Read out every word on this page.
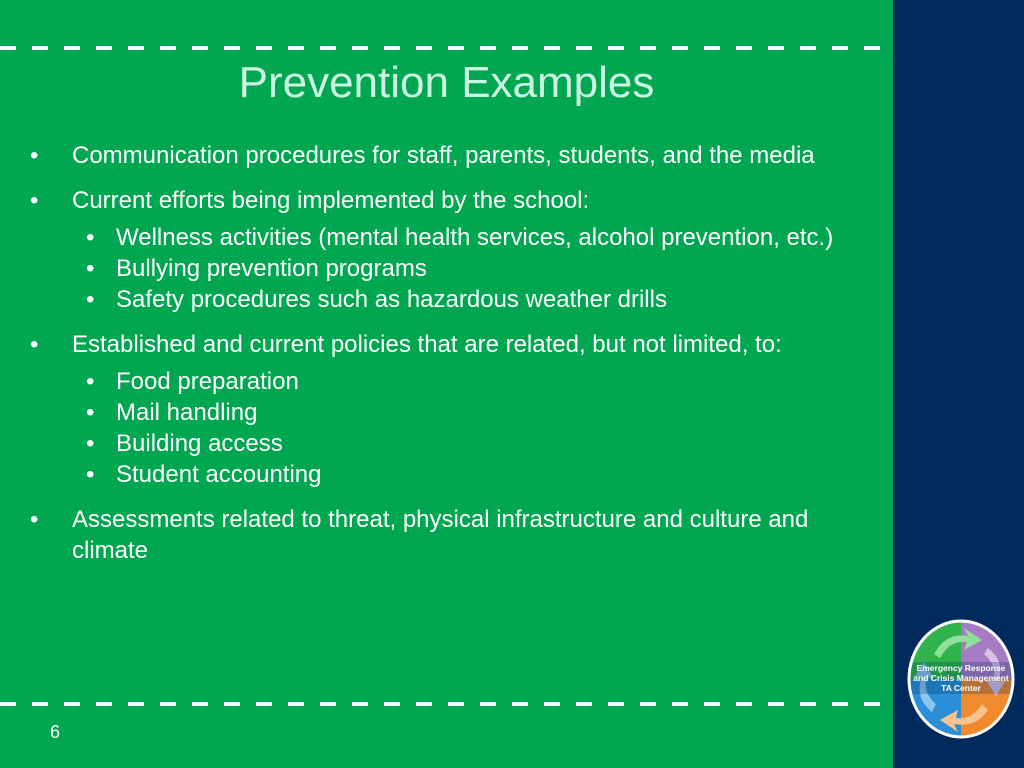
Prevention Examples
• Communication procedures for staff, parents, students, and the media
• Current efforts being implemented by the school:
• Wellness activities (mental health services, alcohol prevention, etc.)
• Bullying prevention programs
• Safety procedures such as hazardous weather drills
• Established and current policies that are related, but not limited, to:
• Food preparation
• Mail handling
• Building access
• Student accounting
• Assessments related to threat, physical infrastructure and culture and climate
6
Emergency Response
and Crisis Management
TA Center
